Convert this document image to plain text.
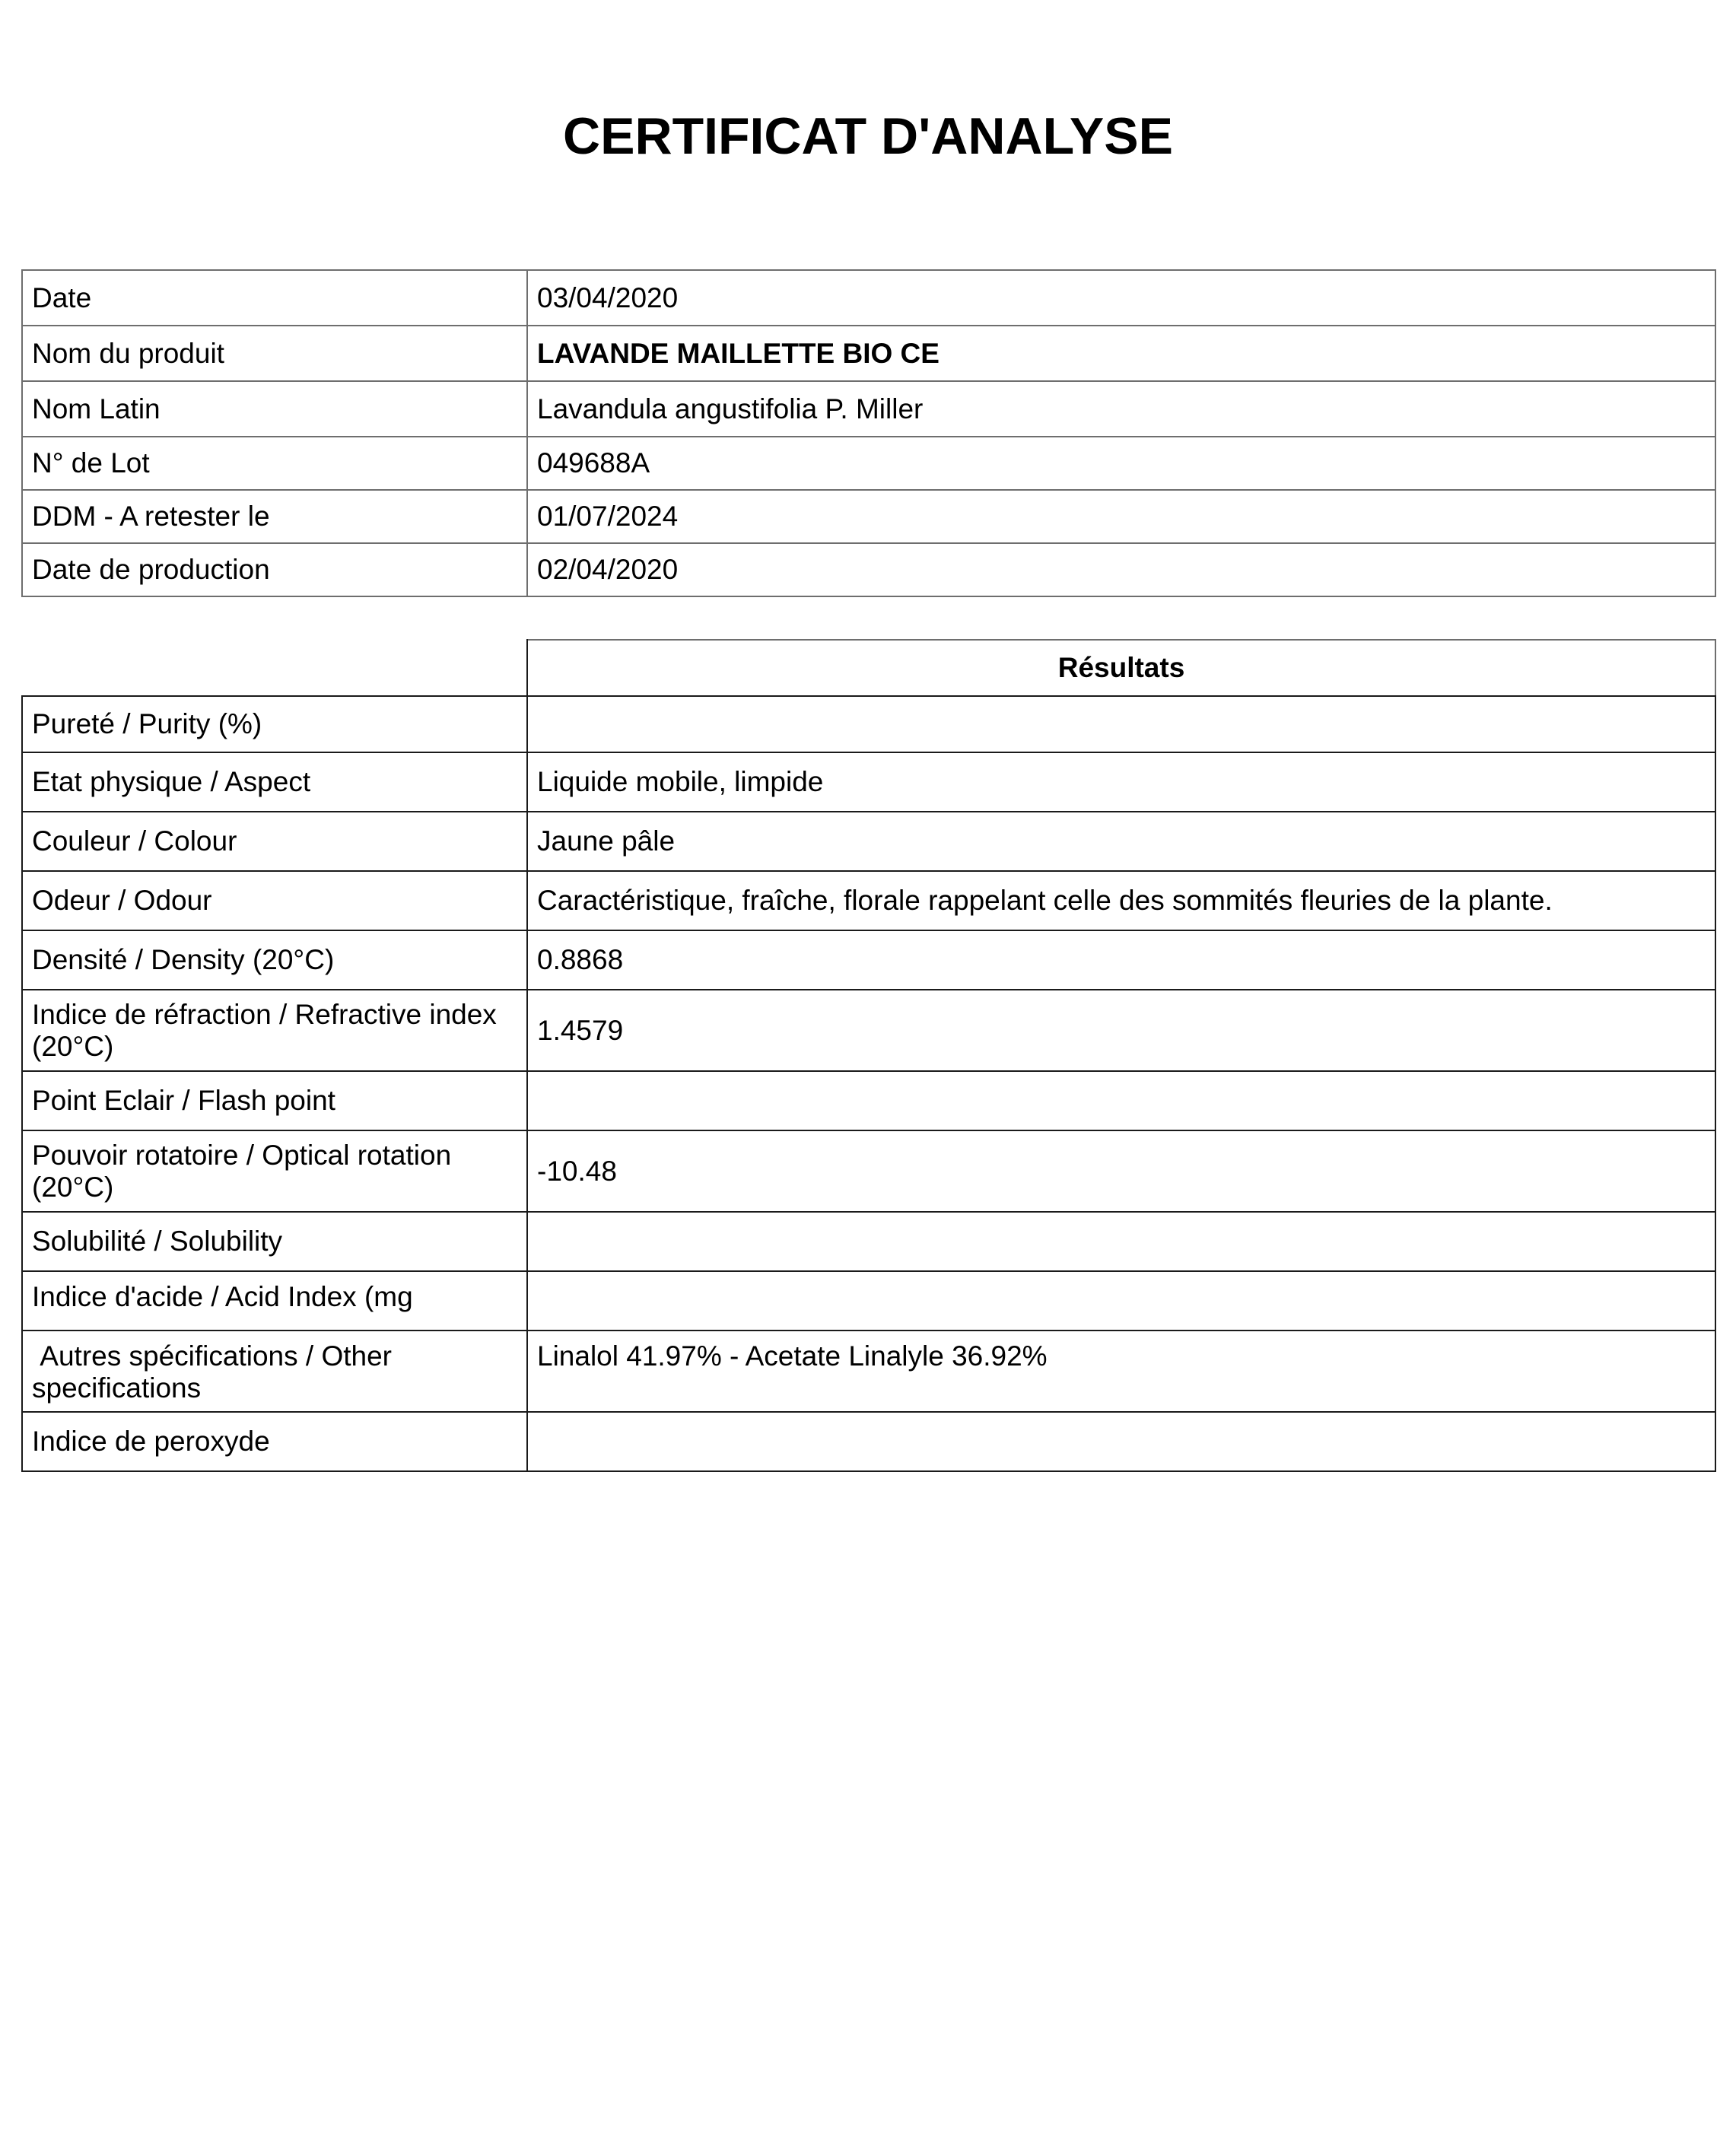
CERTIFICAT D'ANALYSE
Date	03/04/2020
Nom du produit	LAVANDE MAILLETTE BIO CE
Nom Latin	Lavandula angustifolia P. Miller
N° de Lot	049688A
DDM - A retester le	01/07/2024
Date de production	02/04/2020
	Résultats
Pureté / Purity (%)	
Etat physique / Aspect	Liquide mobile, limpide
Couleur / Colour	Jaune pâle
Odeur / Odour	Caractéristique, fraîche, florale rappelant celle des sommités fleuries de la plante.
Densité / Density (20°C)	0.8868
Indice de réfraction / Refractive index (20°C)	1.4579
Point Eclair / Flash point	
Pouvoir rotatoire / Optical rotation (20°C)	-10.48
Solubilité / Solubility	
Indice d'acide / Acid Index (mg	
Autres spécifications / Other specifications	Linalol 41.97% - Acetate Linalyle 36.92%
Indice de peroxyde	
